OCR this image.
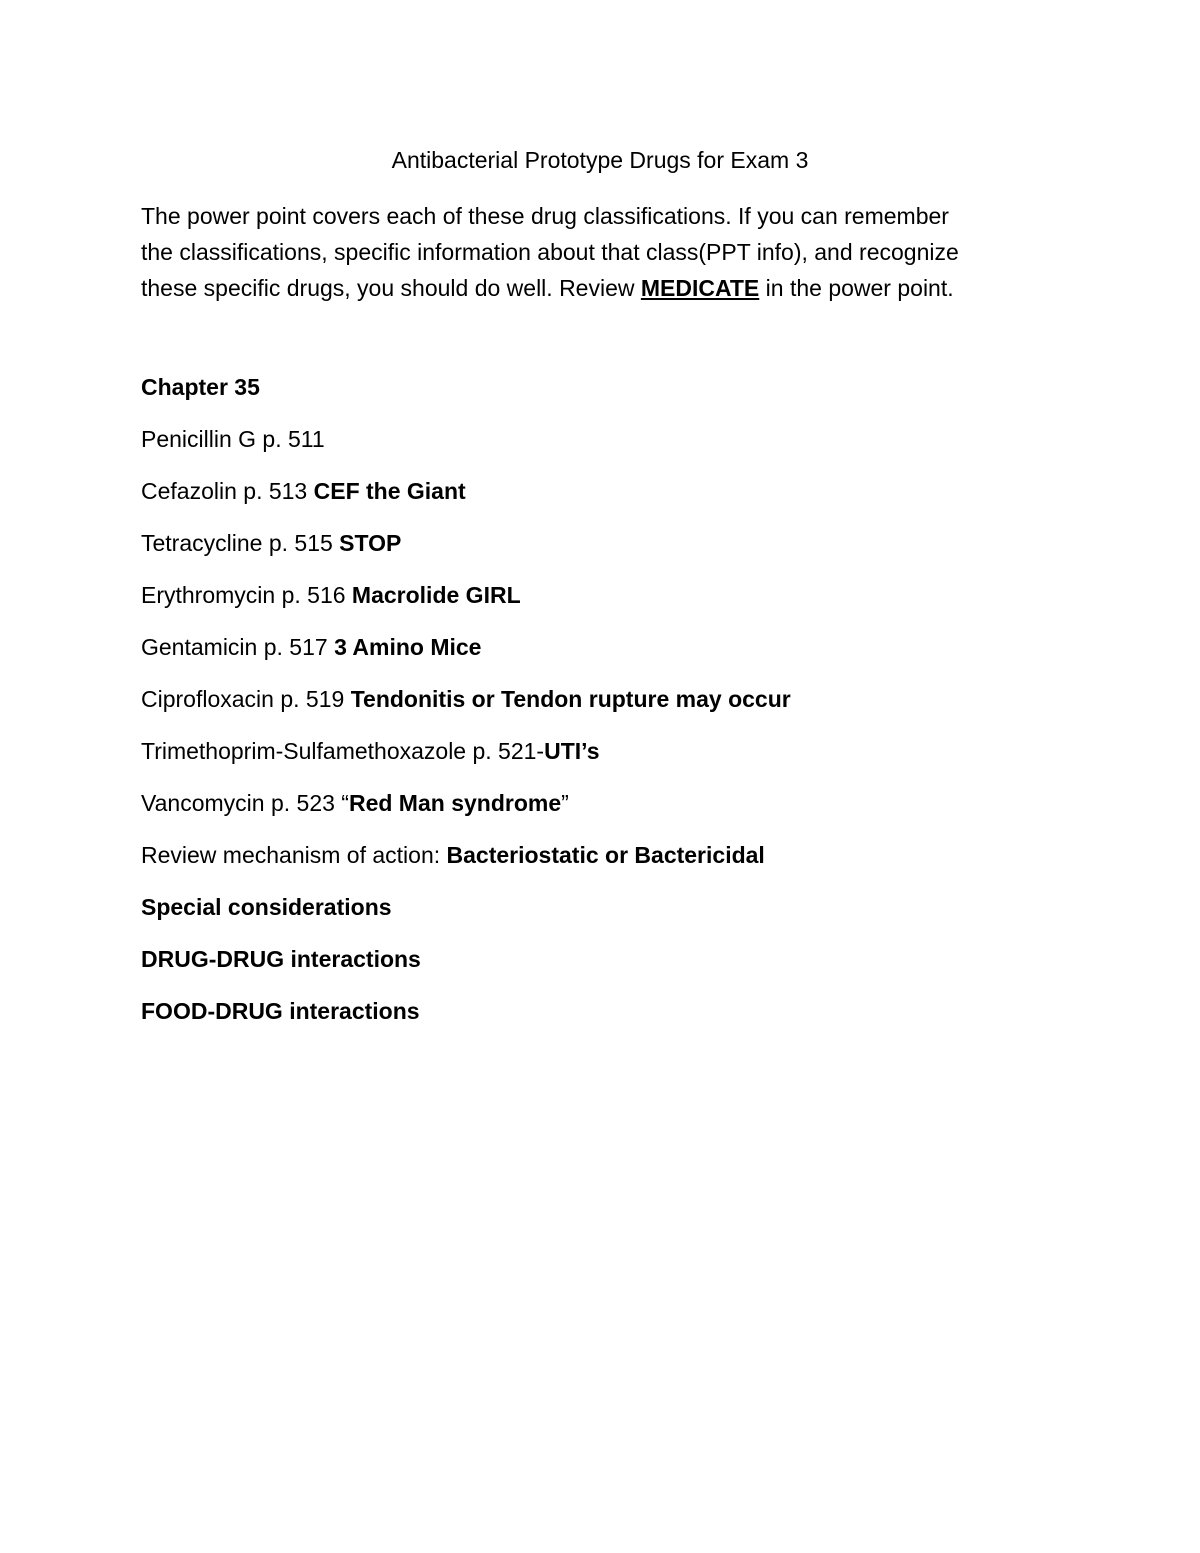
Antibacterial Prototype Drugs for Exam 3
The power point covers each of these drug classifications. If you can remember
the classifications, specific information about that class(PPT info), and recognize
these specific drugs, you should do well. Review MEDICATE in the power point.
Chapter 35
Penicillin G p. 511
Cefazolin p. 513 CEF the Giant
Tetracycline p. 515 STOP
Erythromycin p. 516 Macrolide GIRL
Gentamicin p. 517 3 Amino Mice
Ciprofloxacin p. 519 Tendonitis or Tendon rupture may occur
Trimethoprim-Sulfamethoxazole p. 521-UTI’s
Vancomycin p. 523 “Red Man syndrome”
Review mechanism of action: Bacteriostatic or Bactericidal
Special considerations
DRUG-DRUG interactions
FOOD-DRUG interactions
